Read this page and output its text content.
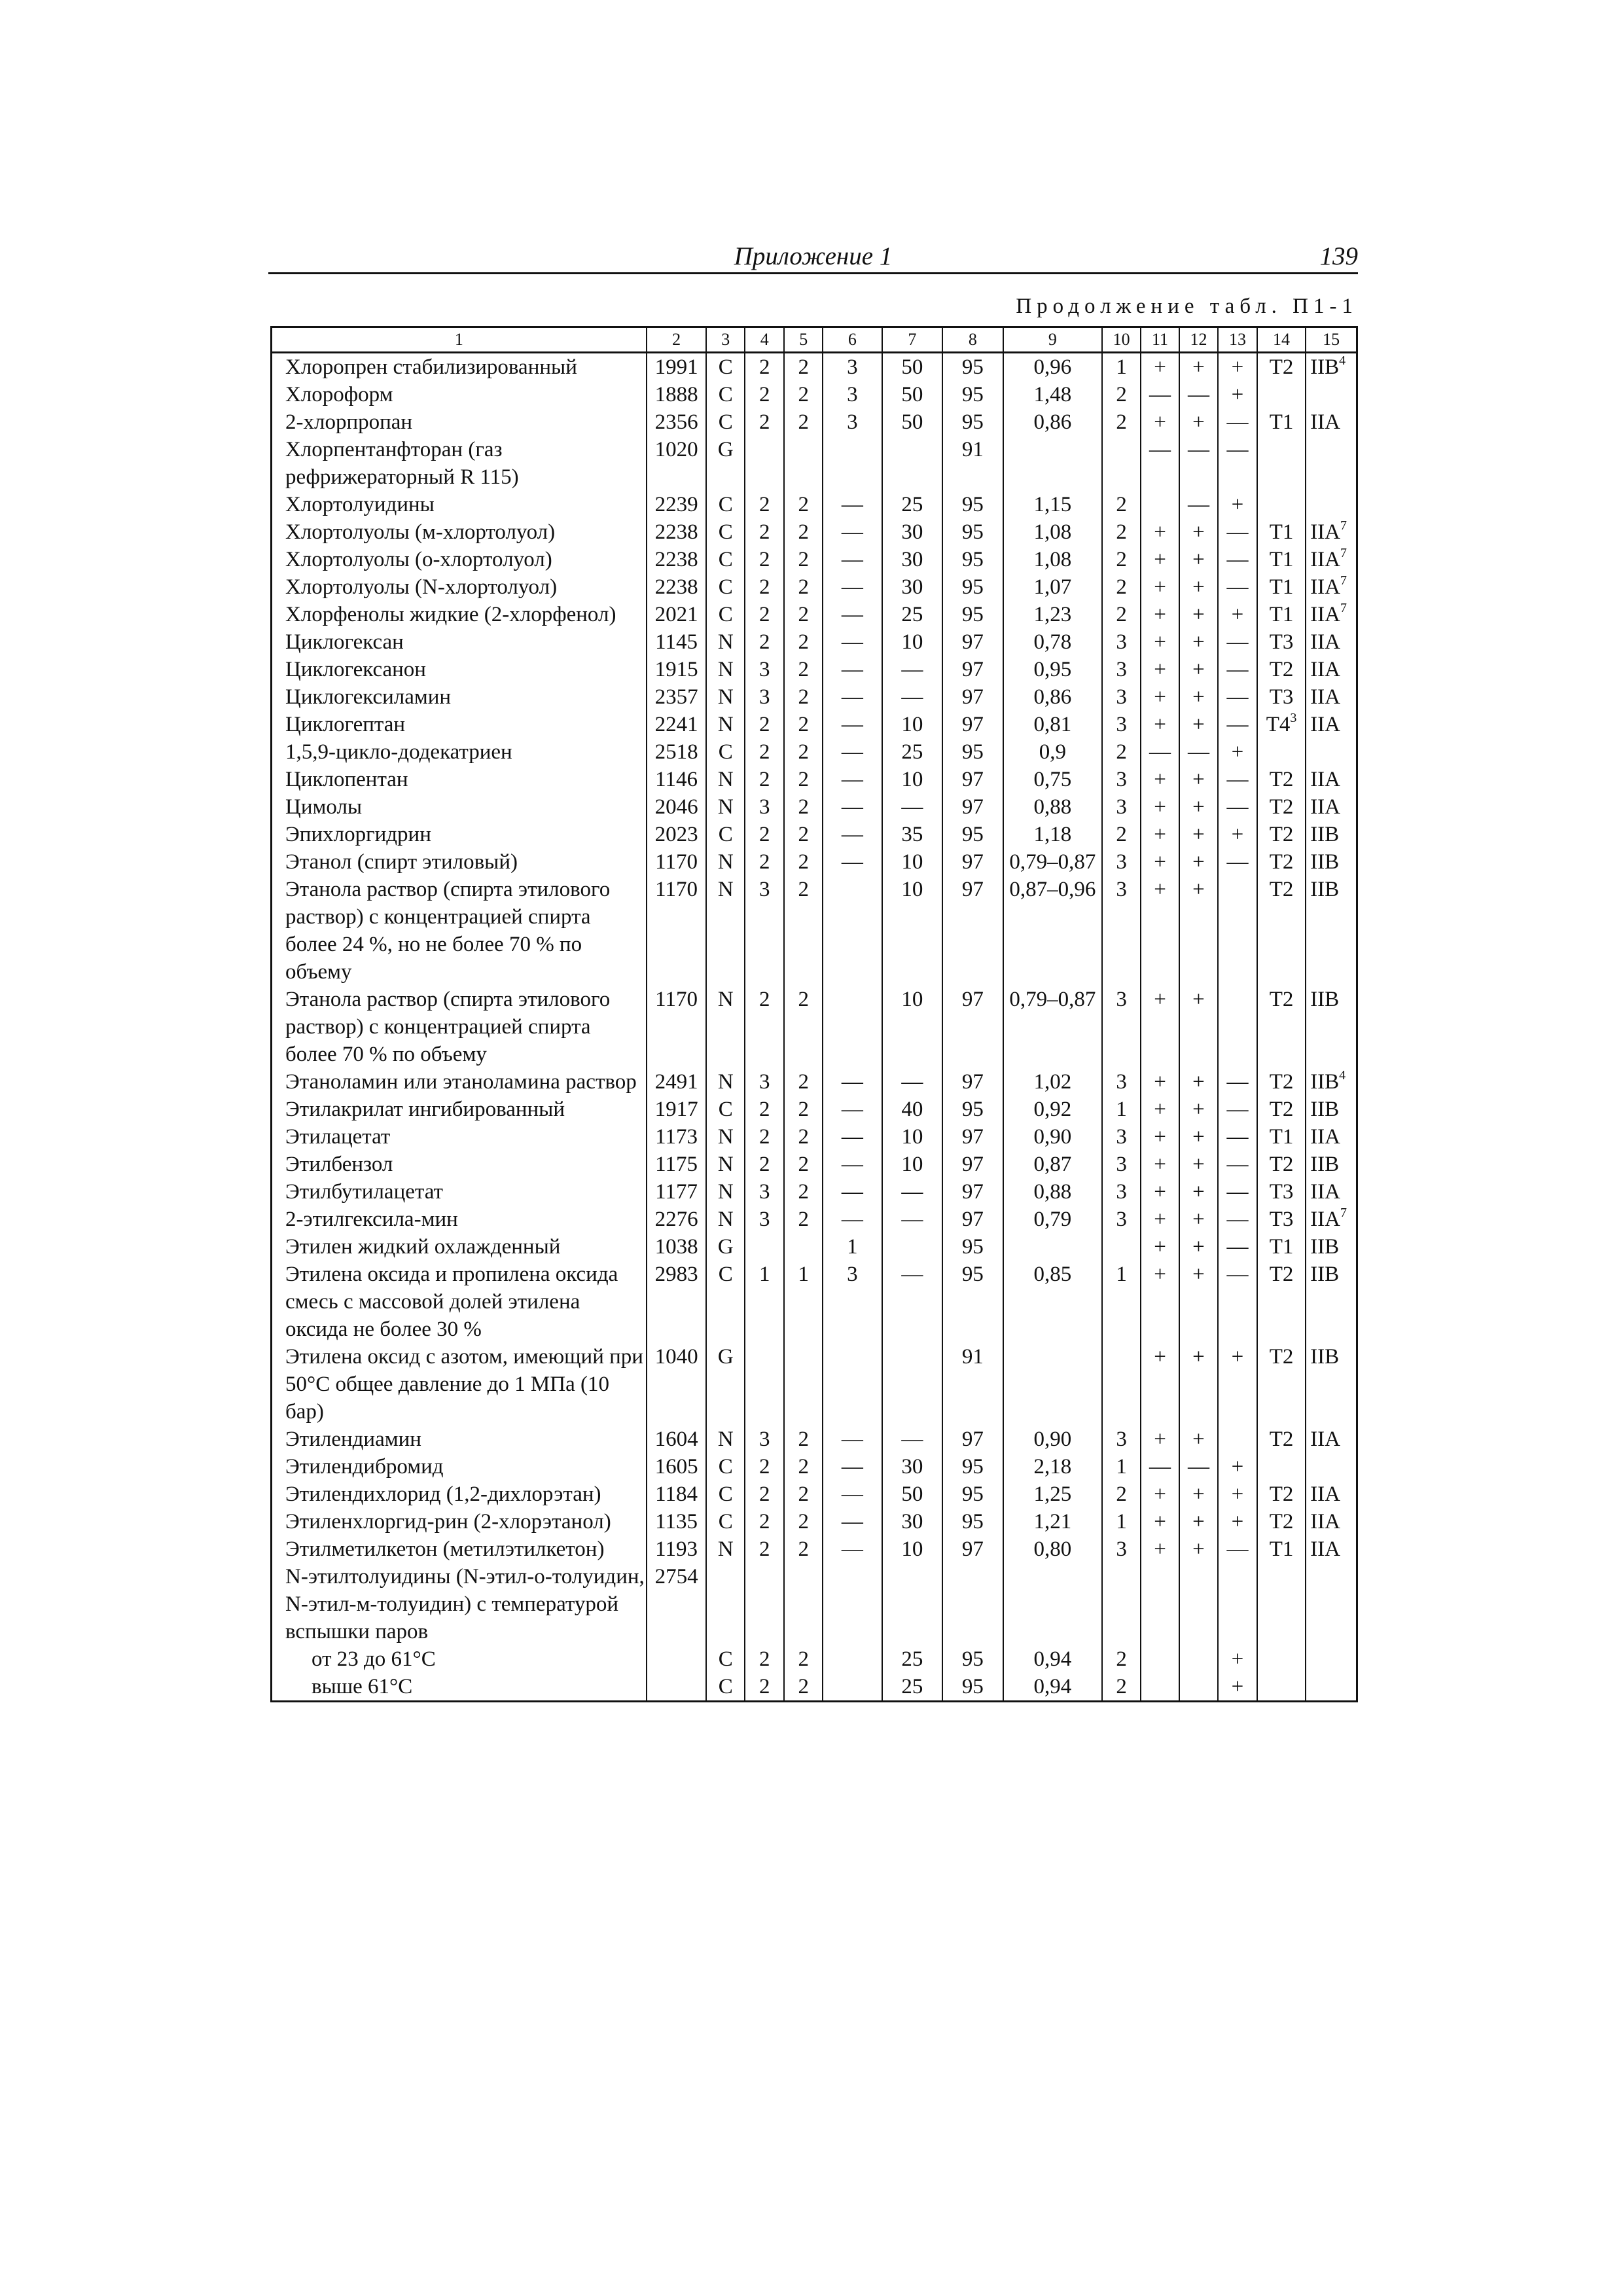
Приложение 1	139
Продолжение табл. П1-1
1	2	3	4	5	6	7	8	9	10	11	12	13	14	15
Хлоропрен стабилизированный	1991	C	2	2	3	50	95	0,96	1	+	+	+	T2	IIB$^4$
Хлороформ	1888	C	2	2	3	50	95	1,48	2	—	—	+		
2-хлорпропан	2356	C	2	2	3	50	95	0,86	2	+	+	—	T1	IIA
Хлорпентанфторан (газ рефрижераторный R 115)	1020	G					91			—	—	—		
Хлортолуидины	2239	C	2	2	—	25	95	1,15	2		—	+		
Хлортолуолы (м-хлортолуол)	2238	C	2	2	—	30	95	1,08	2	+	+	—	T1	IIA$^7$
Хлортолуолы (о-хлортолуол)	2238	C	2	2	—	30	95	1,08	2	+	+	—	T1	IIA$^7$
Хлортолуолы (N-хлортолуол)	2238	C	2	2	—	30	95	1,07	2	+	+	—	T1	IIA$^7$
Хлорфенолы жидкие (2-хлорфенол)	2021	C	2	2	—	25	95	1,23	2	+	+	+	T1	IIA$^7$
Циклогексан	1145	N	2	2	—	10	97	0,78	3	+	+	—	T3	IIA
Циклогексанон	1915	N	3	2	—	—	97	0,95	3	+	+	—	T2	IIA
Циклогексиламин	2357	N	3	2	—	—	97	0,86	3	+	+	—	T3	IIA
Циклогептан	2241	N	2	2	—	10	97	0,81	3	+	+	—	$T4^3$	IIA
1,5,9-цикло-додекатриен	2518	C	2	2	—	25	95	0,9	2	—	—	+		
Циклопентан	1146	N	2	2	—	10	97	0,75	3	+	+	—	T2	IIA
Цимолы	2046	N	3	2	—	—	97	0,88	3	+	+	—	T2	IIA
Эпихлоргидрин	2023	C	2	2	—	35	95	1,18	2	+	+	+	T2	IIB
Этанол (спирт этиловый)	1170	N	2	2	—	10	97	0,79–0,87	3	+	+	—	T2	IIB
Этанола раствор (спирта этилового раствор) с концентрацией спирта более 24 %, но не более 70 % по объему	1170	N	3	2		10	97	0,87–0,96	3	+	+		T2	IIB
Этанола раствор (спирта этилового раствор) с концентрацией спирта более 70 % по объему	1170	N	2	2		10	97	0,79–0,87	3	+	+		T2	IIB
Этаноламин или этаноламина раствор	2491	N	3	2	—	—	97	1,02	3	+	+	—	T2	IIB$^4$
Этилакрилат ингибированный	1917	C	2	2	—	40	95	0,92	1	+	+	—	T2	IIB
Этилацетат	1173	N	2	2	—	10	97	0,90	3	+	+	—	T1	IIA
Этилбензол	1175	N	2	2	—	10	97	0,87	3	+	+	—	T2	IIB
Этилбутилацетат	1177	N	3	2	—	—	97	0,88	3	+	+	—	T3	IIA
2-этилгексила-мин	2276	N	3	2	—	—	97	0,79	3	+	+	—	T3	IIA$^7$
Этилен жидкий охлажденный	1038	G			1		95			+	+	—	T1	IIB
Этилена оксида и пропилена оксида смесь с массовой долей этилена оксида не более 30 %	2983	C	1	1	3	—	95	0,85	1	+	+	—	T2	IIB
Этилена оксид с азотом, имеющий при 50°C общее давление до 1 МПа (10 бар)	1040	G					91			+	+	+	T2	IIB
Этилендиамин	1604	N	3	2	—	—	97	0,90	3	+	+		T2	IIA
Этилендибромид	1605	C	2	2	—	30	95	2,18	1	—	—	+		
Этилендихлорид (1,2-дихлорэтан)	1184	C	2	2	—	50	95	1,25	2	+	+	+	T2	IIA
Этиленхлоргид-рин (2-хлорэтанол)	1135	C	2	2	—	30	95	1,21	1	+	+	+	T2	IIA
Этилметилкетон (метилэтилкетон)	1193	N	2	2	—	10	97	0,80	3	+	+	—	T1	IIA
N-этилтолуидины (N-этил-о-толуидин, N-этил-м-толуидин) с температурой вспышки паров	2754													
от 23 до 61°C		C	2	2		25	95	0,94	2			+		
выше 61°C		C	2	2		25	95	0,94	2			+		
